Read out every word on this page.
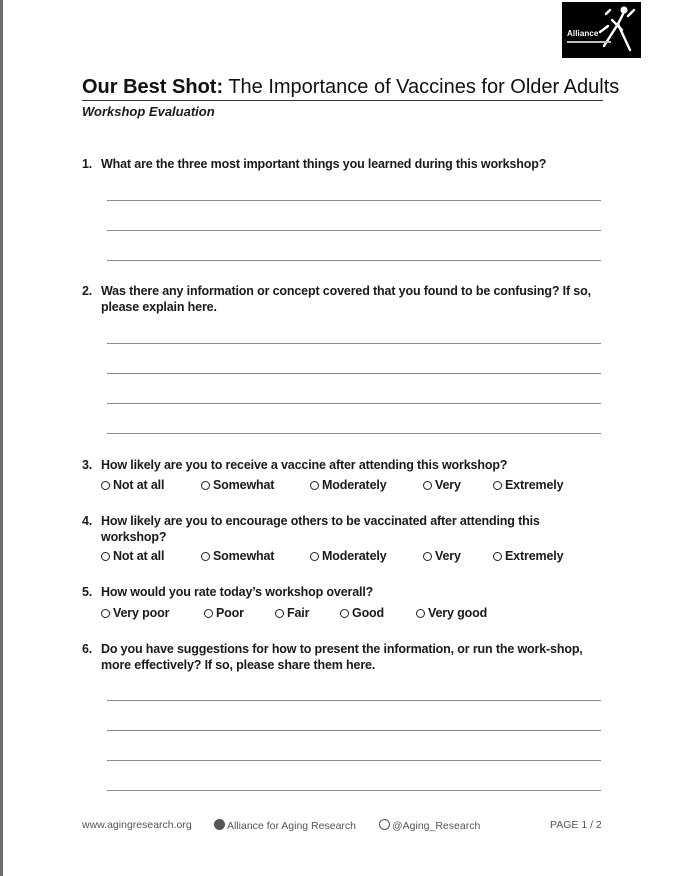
Alliance
Our Best Shot: The Importance of Vaccines for Older Adults
Workshop Evaluation
1. What are the three most important things you learned during this workshop?
2. Was there any information or concept covered that you found to be confusing? If so, please explain here.
3. How likely are you to receive a vaccine after attending this workshop?
Not at all	Somewhat	Moderately	Very	Extremely
4. How likely are you to encourage others to be vaccinated after attending this workshop?
Not at all	Somewhat	Moderately	Very	Extremely
5. How would you rate today’s workshop overall?
Very poor	Poor	Fair	Good	Very good
6. Do you have suggestions for how to present the information, or run the work-shop, more effectively? If so, please share them here.
www.agingresearch.org	Alliance for Aging Research	@Aging_Research	PAGE 1 / 2
